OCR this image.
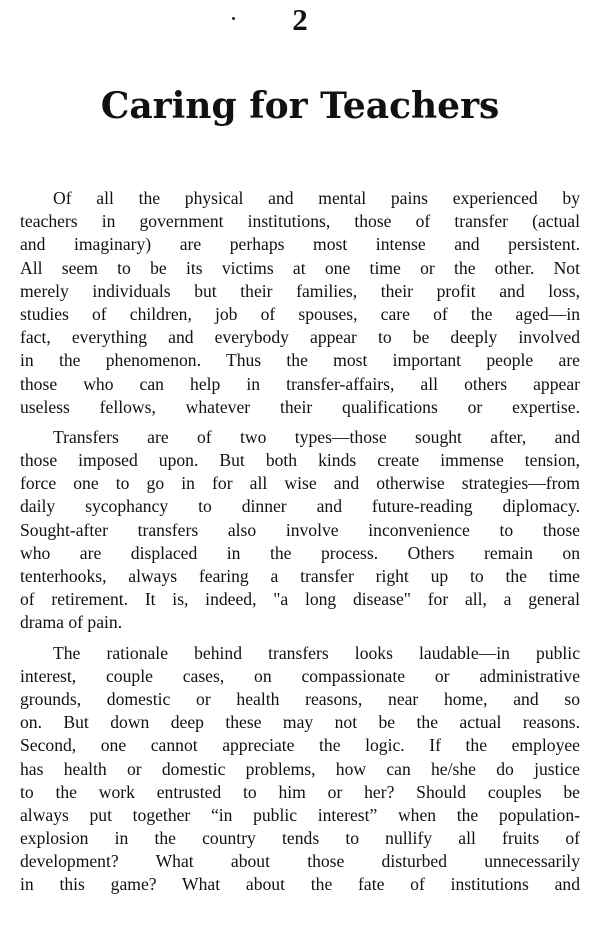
2
Caring for Teachers
Of all the physical and mental pains experienced by
teachers in government institutions, those of transfer (actual
and imaginary) are perhaps most intense and persistent.
All seem to be its victims at one time or the other. Not
merely individuals but their families, their profit and loss,
studies of children, job of spouses, care of the aged—in
fact, everything and everybody appear to be deeply involved
in the phenomenon. Thus the most important people are
those who can help in transfer-affairs, all others appear
useless fellows, whatever their qualifications or expertise.
Transfers are of two types—those sought after, and
those imposed upon. But both kinds create immense tension,
force one to go in for all wise and otherwise strategies—from
daily sycophancy to dinner and future-reading diplomacy.
Sought-after transfers also involve inconvenience to those
who are displaced in the process. Others remain on
tenterhooks, always fearing a transfer right up to the time
of retirement. It is, indeed, "a long disease" for all, a general
drama of pain.
The rationale behind transfers looks laudable—in public
interest, couple cases, on compassionate or administrative
grounds, domestic or health reasons, near home, and so
on. But down deep these may not be the actual reasons.
Second, one cannot appreciate the logic. If the employee
has health or domestic problems, how can he/she do justice
to the work entrusted to him or her? Should couples be
always put together “in public interest” when the population-
explosion in the country tends to nullify all fruits of
development? What about those disturbed unnecessarily
in this game? What about the fate of institutions and
